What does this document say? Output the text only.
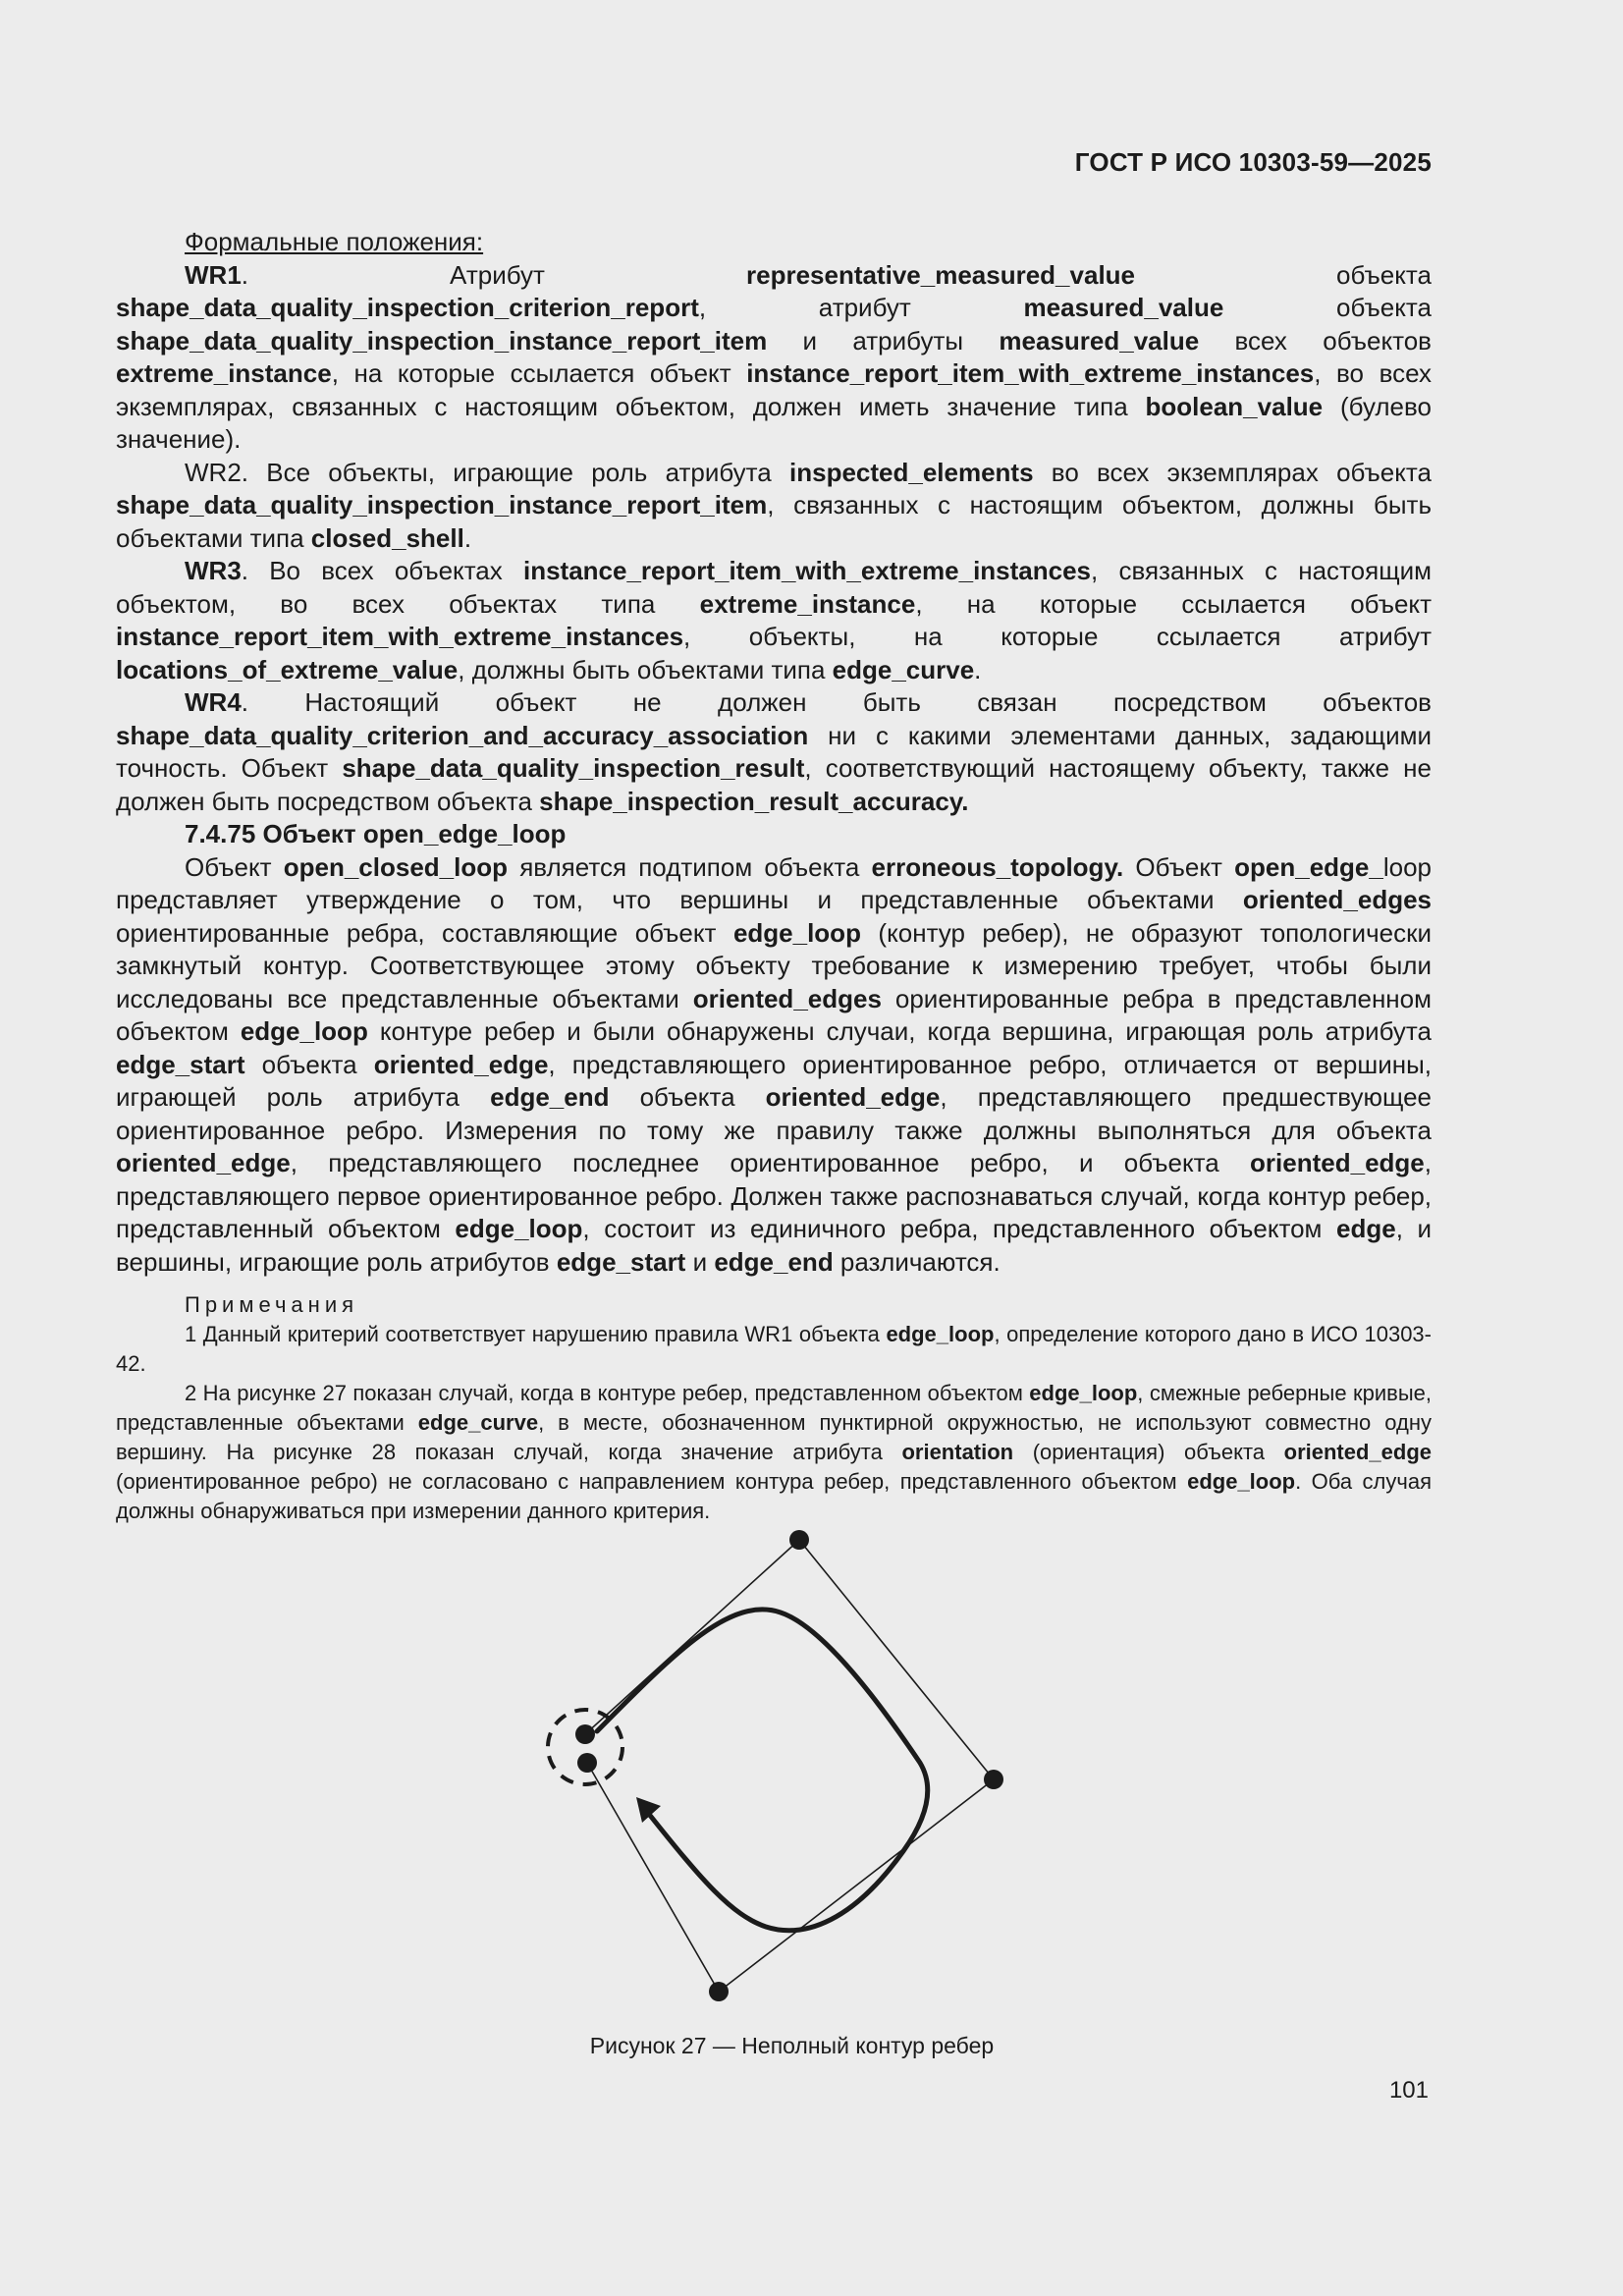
ГОСТ Р ИСО 10303-59—2025

Формальные положения:

WR1. Атрибут representative_measured_value объекта shape_data_quality_inspection_criterion_report, атрибут measured_value объекта shape_data_quality_inspection_instance_report_item и атрибуты measured_value всех объектов extreme_instance, на которые ссылается объект instance_report_item_with_extreme_instances, во всех экземплярах, связанных с настоящим объектом, должен иметь значение типа boolean_value (булево значение).

WR2. Все объекты, играющие роль атрибута inspected_elements во всех экземплярах объекта shape_data_quality_inspection_instance_report_item, связанных с настоящим объектом, должны быть объектами типа closed_shell.

WR3. Во всех объектах instance_report_item_with_extreme_instances, связанных с настоящим объектом, во всех объектах типа extreme_instance, на которые ссылается объект instance_report_item_with_extreme_instances, объекты, на которые ссылается атрибут locations_of_extreme_value, должны быть объектами типа edge_curve.

WR4. Настоящий объект не должен быть связан посредством объектов shape_data_quality_criterion_and_accuracy_association ни с какими элементами данных, задающими точность. Объект shape_data_quality_inspection_result, соответствующий настоящему объекту, также не должен быть посредством объекта shape_inspection_result_accuracy.

7.4.75 Объект open_edge_loop

Объект open_closed_loop является подтипом объекта erroneous_topology. Объект open_edge_loop представляет утверждение о том, что вершины и представленные объектами oriented_edges ориентированные ребра, составляющие объект edge_loop (контур ребер), не образуют топологически замкнутый контур. Соответствующее этому объекту требование к измерению требует, чтобы были исследованы все представленные объектами oriented_edges ориентированные ребра в представленном объектом edge_loop контуре ребер и были обнаружены случаи, когда вершина, играющая роль атрибута edge_start объекта oriented_edge, представляющего ориентированное ребро, отличается от вершины, играющей роль атрибута edge_end объекта oriented_edge, представляющего предшествующее ориентированное ребро. Измерения по тому же правилу также должны выполняться для объекта oriented_edge, представляющего последнее ориентированное ребро, и объекта oriented_edge, представляющего первое ориентированное ребро. Должен также распознаваться случай, когда контур ребер, представленный объектом edge_loop, состоит из единичного ребра, представленного объектом edge, и вершины, играющие роль атрибутов edge_start и edge_end различаются.

Примечания

1 Данный критерий соответствует нарушению правила WR1 объекта edge_loop, определение которого дано в ИСО 10303-42.

2 На рисунке 27 показан случай, когда в контуре ребер, представленном объектом edge_loop, смежные реберные кривые, представленные объектами edge_curve, в месте, обозначенном пунктирной окружностью, не используют совместно одну вершину. На рисунке 28 показан случай, когда значение атрибута orientation (ориентация) объекта oriented_edge (ориентированное ребро) не согласовано с направлением контура ребер, представленного объектом edge_loop. Оба случая должны обнаруживаться при измерении данного критерия.

Рисунок 27 — Неполный контур ребер
101
